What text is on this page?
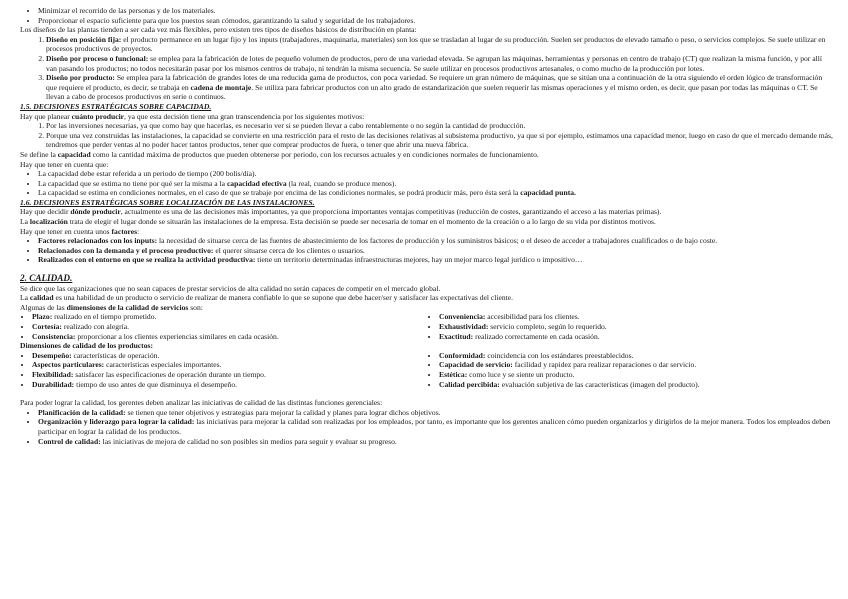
• Minimizar el recorrido de las personas y de los materiales.
• Proporcionar el espacio suficiente para que los puestos sean cómodos, garantizando la salud y seguridad de los trabajadores.

Los diseños de las plantas tienden a ser cada vez más flexibles, pero existen tres tipos de diseños básicos de distribución en planta:

1. Diseño en posición fija: el producto permanece en un lugar fijo y los inputs (trabajadores, maquinaria, materiales) son los que se trasladan al lugar de su producción. Suelen ser productos de elevado tamaño o peso, o servicios complejos. Se suele utilizar en procesos productivos de proyectos.
2. Diseño por proceso o funcional: se emplea para la fabricación de lotes de pequeño volumen de productos, pero de una variedad elevada. Se agrupan las máquinas, herramientas y personas en centro de trabajo (CT) que realizan la misma función, y por allí van pasando los productos; no todos necesitarán pasar por los mismos centros de trabajo, ni tendrán la misma secuencia. Se suele utilizar en procesos productivos artesanales, o como mucho de la producción por lotes.
3. Diseño por producto: Se emplea para la fabricación de grandes lotes de una reducida gama de productos, con poca variedad. Se requiere un gran número de máquinas, que se sitúan una a continuación de la otra siguiendo el orden lógico de transformación que requiere el producto, es decir, se trabaja en cadena de montaje. Se utiliza para fabricar productos con un alto grado de estandarización que suelen requerir las mismas operaciones y el mismo orden, es decir, que pasan por todas las máquinas o CT. Se llevan a cabo de procesos productivos en serie o continuos.

1.5. DECISIONES ESTRATÉGICAS SOBRE CAPACIDAD.

Hay que planear cuánto producir, ya que esta decisión tiene una gran transcendencia por los siguientes motivos:

1. Por las inversiones necesarias, ya que como hay que hacerlas, es necesario ver si se pueden llevar a cabo rentablemente o no según la cantidad de producción.
2. Porque una vez construidas las instalaciones, la capacidad se convierte en una restricción para el resto de las decisiones relativas al subsistema productivo, ya que si por ejemplo, estimamos una capacidad menor, luego en caso de que el mercado demande más, tendremos que perder ventas al no poder hacer tantos productos, tener que comprar productos de fuera, o tener que abrir una nueva fábrica.

Se define la capacidad como la cantidad máxima de productos que pueden obtenerse por periodo, con los recursos actuales y en condiciones normales de funcionamiento.

Hay que tener en cuenta que:

• La capacidad debe estar referida a un periodo de tiempo (200 bolis/día).
• La capacidad que se estima no tiene por qué ser la misma a la capacidad efectiva (la real, cuando se produce menos).
• La capacidad se estima en condiciones normales, en el caso de que se trabaje por encima de las condiciones normales, se podrá producir más, pero ésta será la capacidad punta.

1.6. DECISIONES ESTRATÉGICAS SOBRE LOCALIZACIÓN DE LAS INSTALACIONES.

Hay que decidir dónde producir, actualmente es una de las decisiones más importantes, ya que proporciona importantes ventajas competitivas (reducción de costes, garantizando el acceso a las materias primas).

La localización trata de elegir el lugar donde se situarán las instalaciones de la empresa. Esta decisión se puede ser necesaria de tomar en el momento de la creación o a lo largo de su vida por distintos motivos.

Hay que tener en cuenta unos factores:

• Factores relacionados con los inputs: la necesidad de situarse cerca de las fuentes de abastecimiento de los factores de producción y los suministros básicos; o el deseo de acceder a trabajadores cualificados o de bajo coste.
• Relacionados con la demanda y el proceso productivo: el querer situarse cerca de los clientes o usuarios.
• Realizados con el entorno en que se realiza la actividad productiva: tiene un territorio determinadas infraestructuras mejores, hay un mejor marco legal jurídico o impositivo…

2. CALIDAD.

Se dice que las organizaciones que no sean capaces de prestar servicios de alta calidad no serán capaces de competir en el mercado global.

La calidad es una habilidad de un producto o servicio de realizar de manera confiable lo que se supone que debe hacer/ser y satisfacer las expectativas del cliente.

Algunas de las dimensiones de la calidad de servicios son:

• Plazo: realizado en el tiempo prometido.
• Cortesía: realizado con alegría.
• Consistencia: proporcionar a los clientes experiencias similares en cada ocasión.
• Conveniencia: accesibilidad para los clientes.
• Exhaustividad: servicio completo, según lo requerido.
• Exactitud: realizado correctamente en cada ocasión.

Dimensiones de calidad de los productos:

• Desempeño: características de operación.
• Aspectos particulares: características especiales importantes.
• Flexibilidad: satisfacer las especificaciones de operación durante un tiempo.
• Durabilidad: tiempo de uso antes de que disminuya el desempeño.
• Conformidad: coincidencia con los estándares preestablecidos.
• Capacidad de servicio: facilidad y rapidez para realizar reparaciones o dar servicio.
• Estética: como luce y se siente un producto.
• Calidad percibida: evaluación subjetiva de las características (imagen del producto).

Para poder lograr la calidad, los gerentes deben analizar las iniciativas de calidad de las distintas funciones gerenciales:

• Planificación de la calidad: se tienen que tener objetivos y estrategias para mejorar la calidad y planes para lograr dichos objetivos.
• Organización y liderazgo para lograr la calidad: las iniciativas para mejorar la calidad son realizadas por los empleados, por tanto, es importante que los gerentes analicen cómo pueden organizarlos y dirigirlos de la mejor manera. Todos los empleados deben participar en lograr la calidad de los productos.
• Control de calidad: las iniciativas de mejora de calidad no son posibles sin medios para seguir y evaluar su progreso.
